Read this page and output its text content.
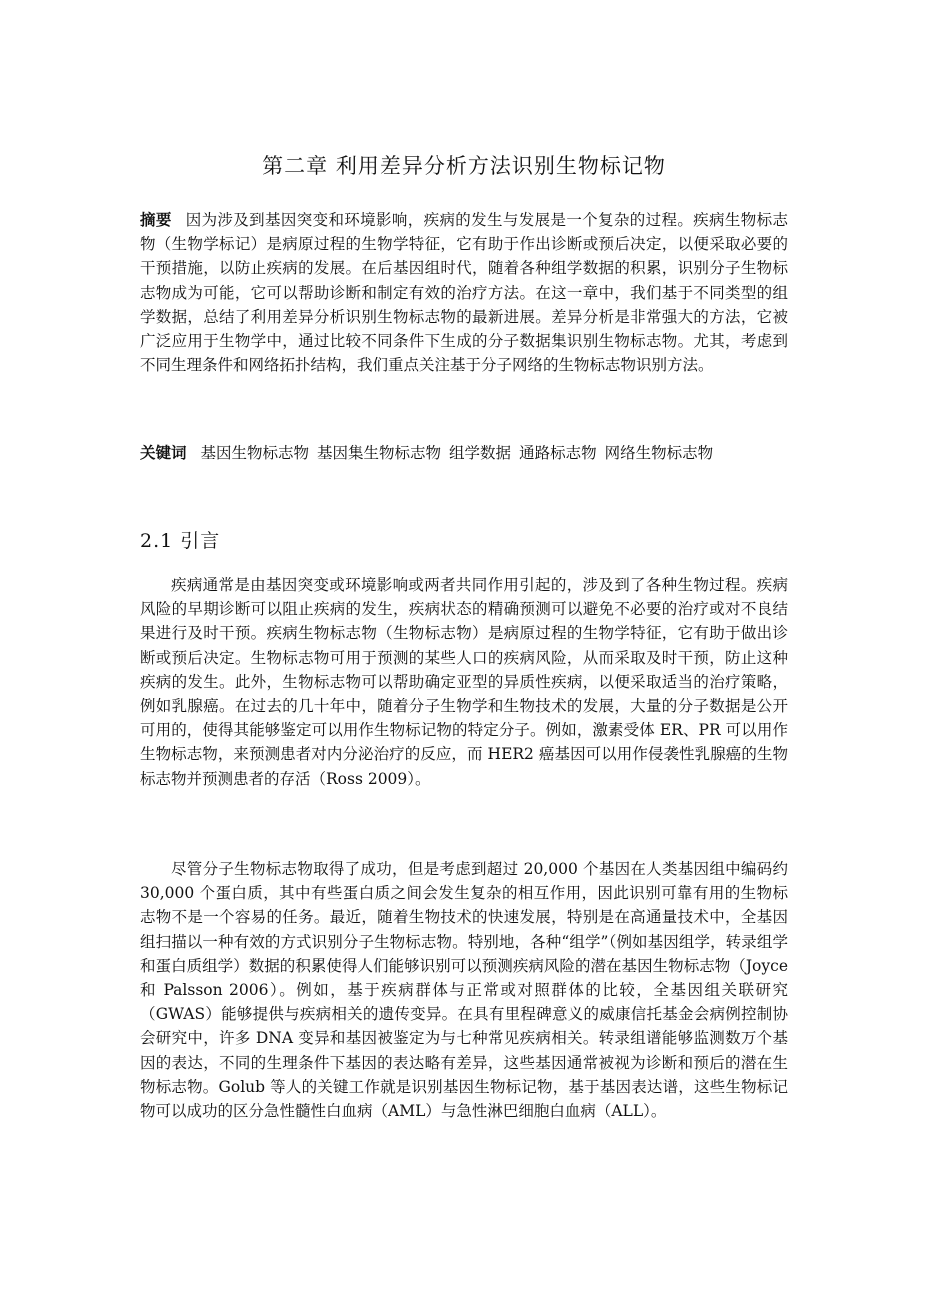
第二章 利用差异分析方法识别生物标记物

摘要 因为涉及到基因突变和环境影响，疾病的发生与发展是一个复杂的过程。疾病生物标志物（生物学标记）是病原过程的生物学特征，它有助于作出诊断或预后决定，以便采取必要的干预措施，以防止疾病的发展。在后基因组时代，随着各种组学数据的积累，识别分子生物标志物成为可能，它可以帮助诊断和制定有效的治疗方法。在这一章中，我们基于不同类型的组学数据，总结了利用差异分析识别生物标志物的最新进展。差异分析是非常强大的方法，它被广泛应用于生物学中，通过比较不同条件下生成的分子数据集识别生物标志物。尤其，考虑到不同生理条件和网络拓扑结构，我们重点关注基于分子网络的生物标志物识别方法。

关键词 基因生物标志物 基因集生物标志物 组学数据 通路标志物 网络生物标志物

2.1 引言

疾病通常是由基因突变或环境影响或两者共同作用引起的，涉及到了各种生物过程。疾病风险的早期诊断可以阻止疾病的发生，疾病状态的精确预测可以避免不必要的治疗或对不良结果进行及时干预。疾病生物标志物（生物标志物）是病原过程的生物学特征，它有助于做出诊断或预后决定。生物标志物可用于预测的某些人口的疾病风险，从而采取及时干预，防止这种疾病的发生。此外，生物标志物可以帮助确定亚型的异质性疾病，以便采取适当的治疗策略，例如乳腺癌。在过去的几十年中，随着分子生物学和生物技术的发展，大量的分子数据是公开可用的，使得其能够鉴定可以用作生物标记物的特定分子。例如，激素受体 ER、PR 可以用作生物标志物，来预测患者对内分泌治疗的反应，而 HER2 癌基因可以用作侵袭性乳腺癌的生物标志物并预测患者的存活（Ross 2009）。

尽管分子生物标志物取得了成功，但是考虑到超过 20,000 个基因在人类基因组中编码约 30,000 个蛋白质，其中有些蛋白质之间会发生复杂的相互作用，因此识别可靠有用的生物标志物不是一个容易的任务。最近，随着生物技术的快速发展，特别是在高通量技术中，全基因组扫描以一种有效的方式识别分子生物标志物。特别地，各种“组学”（例如基因组学，转录组学和蛋白质组学）数据的积累使得人们能够识别可以预测疾病风险的潜在基因生物标志物（Joyce 和 Palsson 2006）。例如，基于疾病群体与正常或对照群体的比较，全基因组关联研究（GWAS）能够提供与疾病相关的遗传变异。在具有里程碑意义的威康信托基金会病例控制协会研究中，许多 DNA 变异和基因被鉴定为与七种常见疾病相关。转录组谱能够监测数万个基因的表达，不同的生理条件下基因的表达略有差异，这些基因通常被视为诊断和预后的潜在生物标志物。Golub 等人的关键工作就是识别基因生物标记物，基于基因表达谱，这些生物标记物可以成功的区分急性髓性白血病（AML）与急性淋巴细胞白血病（ALL）。
